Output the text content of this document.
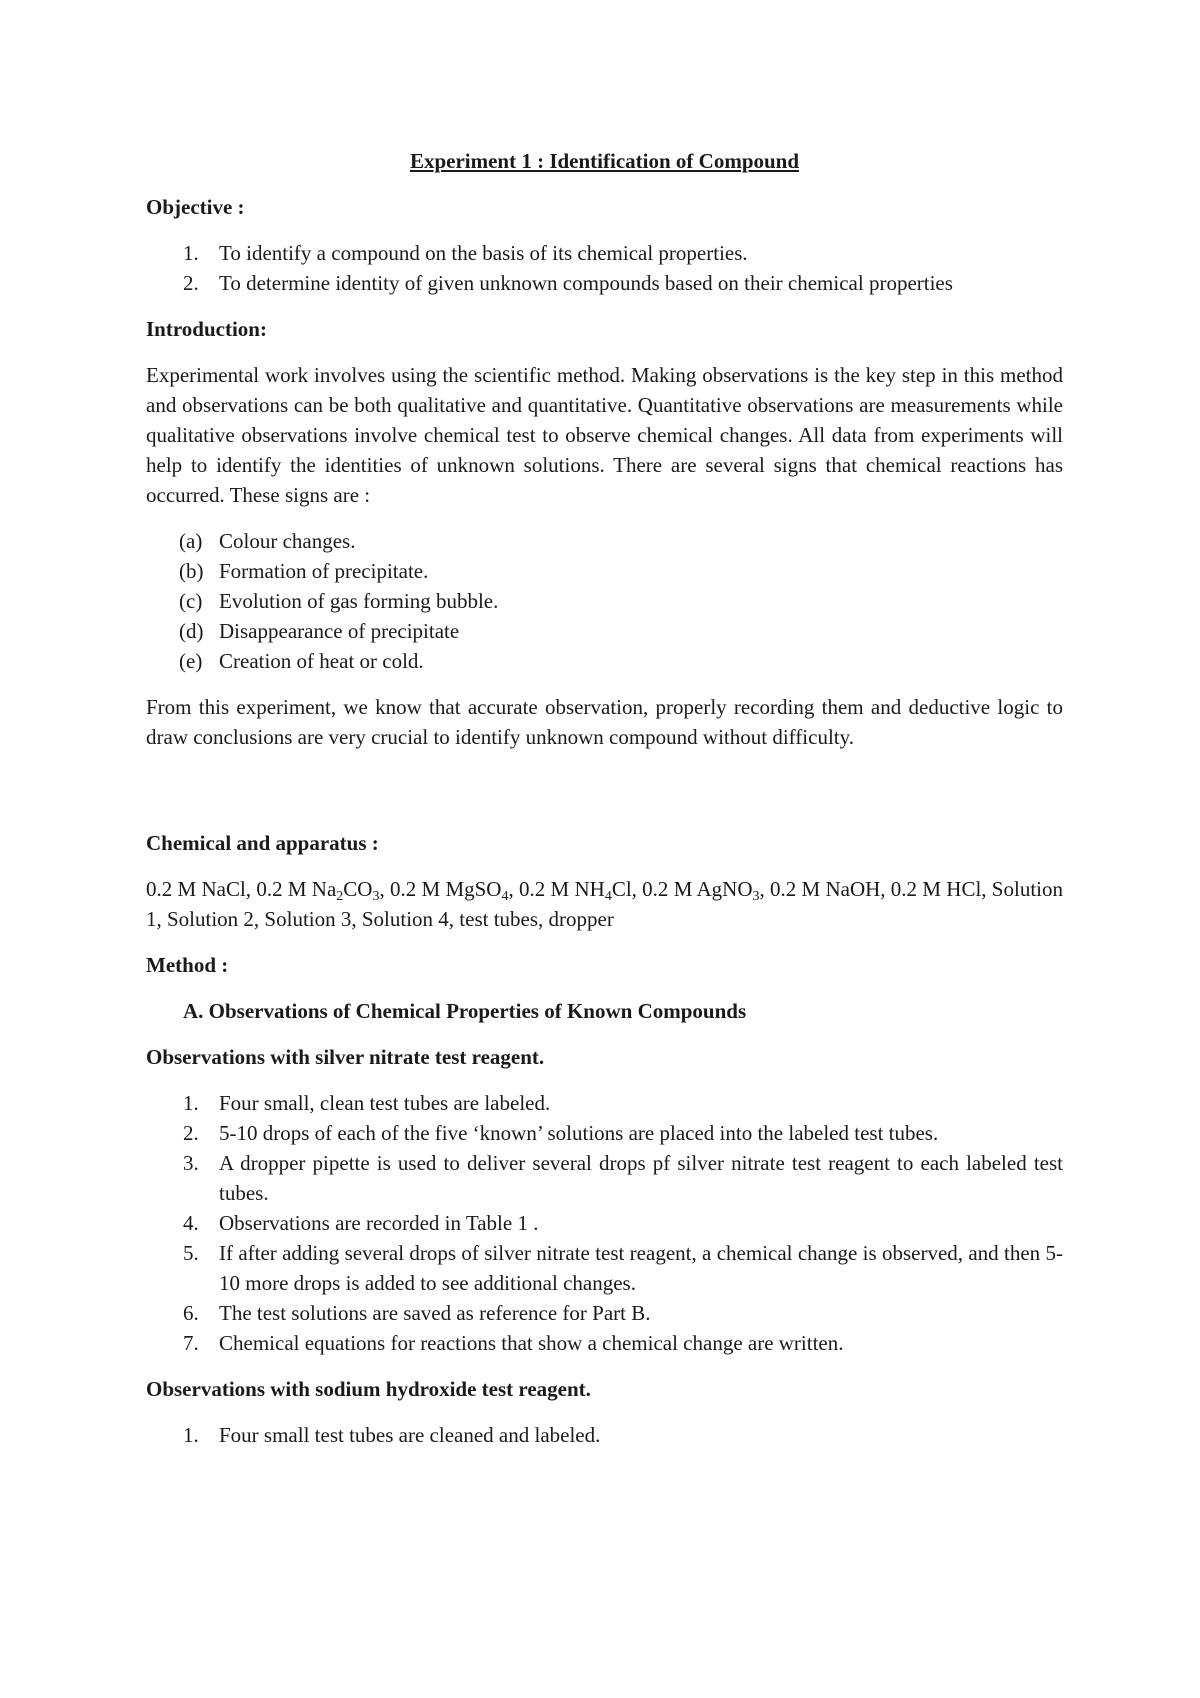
Experiment 1 : Identification of Compound
Objective :
1. To identify a compound on the basis of its chemical properties.
2. To determine identity of given unknown compounds based on their chemical properties
Introduction:

Experimental work involves using the scientific method. Making observations is the key step in this method and observations can be both qualitative and quantitative. Quantitative observations are measurements while qualitative observations involve chemical test to observe chemical changes. All data from experiments will help to identify the identities of unknown solutions. There are several signs that chemical reactions has occurred. These signs are :

(a) Colour changes.
(b) Formation of precipitate.
(c) Evolution of gas forming bubble.
(d) Disappearance of precipitate
(e) Creation of heat or cold.

From this experiment, we know that accurate observation, properly recording them and deductive logic to draw conclusions are very crucial to identify unknown compound without difficulty.

Chemical and apparatus :

0.2 M NaCl, 0.2 M $Na_2CO_3$, 0.2 M MgSO$_4$, 0.2 M $NH_4Cl$, 0.2 M AgNO$_3$, 0.2 M NaOH, 0.2 M HCl, Solution 1, Solution 2, Solution 3, Solution 4, test tubes, dropper

Method :
A. Observations of Chemical Properties of Known Compounds
Observations with silver nitrate test reagent.
1. Four small, clean test tubes are labeled.
2. 5-10 drops of each of the five ‘known’ solutions are placed into the labeled test tubes.
3. A dropper pipette is used to deliver several drops pf silver nitrate test reagent to each labeled test tubes.
4. Observations are recorded in Table 1 .
5. If after adding several drops of silver nitrate test reagent, a chemical change is observed, and then 5-10 more drops is added to see additional changes.
6. The test solutions are saved as reference for Part B.
7. Chemical equations for reactions that show a chemical change are written.
Observations with sodium hydroxide test reagent.
1. Four small test tubes are cleaned and labeled.
